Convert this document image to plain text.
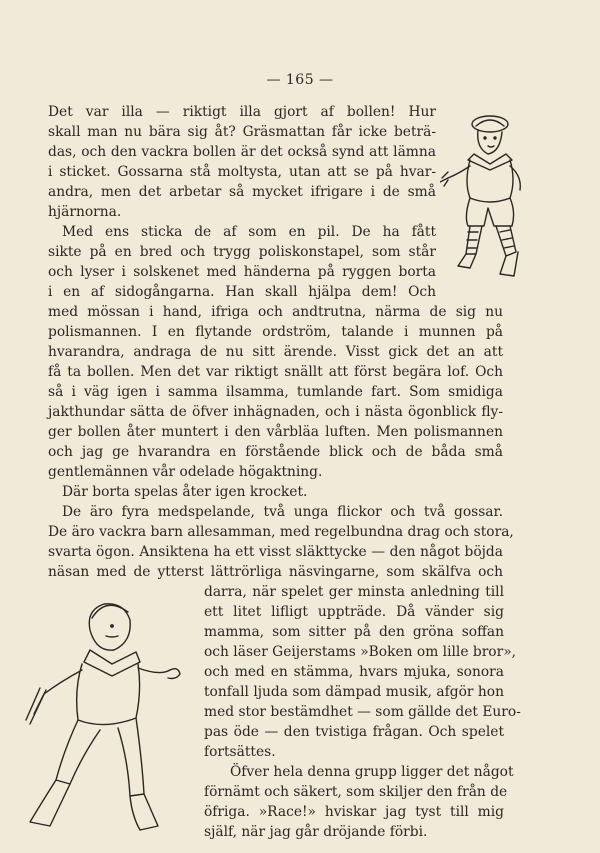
— 165 —
Det var illa — riktigt illa gjort af bollen! Hur
skall man nu bära sig åt? Gräsmattan får icke beträ-
das, och den vackra bollen är det också synd att lämna
i sticket. Gossarna stå moltysta, utan att se på hvar-
andra, men det arbetar så mycket ifrigare i de små
hjärnorna.
Med ens sticka de af som en pil. De ha fått
sikte på en bred och trygg poliskonstapel, som står
och lyser i solskenet med händerna på ryggen borta
i en af sidogångarna. Han skall hjälpa dem! Och
med mössan i hand, ifriga och andtrutna, närma de sig nu
polismannen. I en flytande ordström, talande i munnen på
hvarandra, andraga de nu sitt ärende. Visst gick det an att
få ta bollen. Men det var riktigt snällt att först begära lof. Och
så i väg igen i samma ilsamma, tumlande fart. Som smidiga
jakthundar sätta de öfver inhägnaden, och i nästa ögonblick fly-
ger bollen åter muntert i den vårbläa luften. Men polismannen
och jag ge hvarandra en förstående blick och de båda små
gentlemännen vår odelade högaktning.
Där borta spelas åter igen krocket.
De äro fyra medspelande, två unga flickor och två gossar.
De äro vackra barn allesamman, med regelbundna drag och stora,
svarta ögon. Ansiktena ha ett visst släkttycke — den något böjda
näsan med de ytterst lättrörliga näsvingarne, som skälfva och
darra, när spelet ger minsta anledning till
ett litet lifligt uppträde. Då vänder sig
mamma, som sitter på den gröna soffan
och läser Geijerstams »Boken om lille bror»,
och med en stämma, hvars mjuka, sonora
tonfall ljuda som dämpad musik, afgör hon
med stor bestämdhet — som gällde det Euro-
pas öde — den tvistiga frågan. Och spelet
fortsättes.
Öfver hela denna grupp ligger det något
förnämt och säkert, som skiljer den från de
öfriga. »Race!» hviskar jag tyst till mig
själf, när jag går dröjande förbi.
